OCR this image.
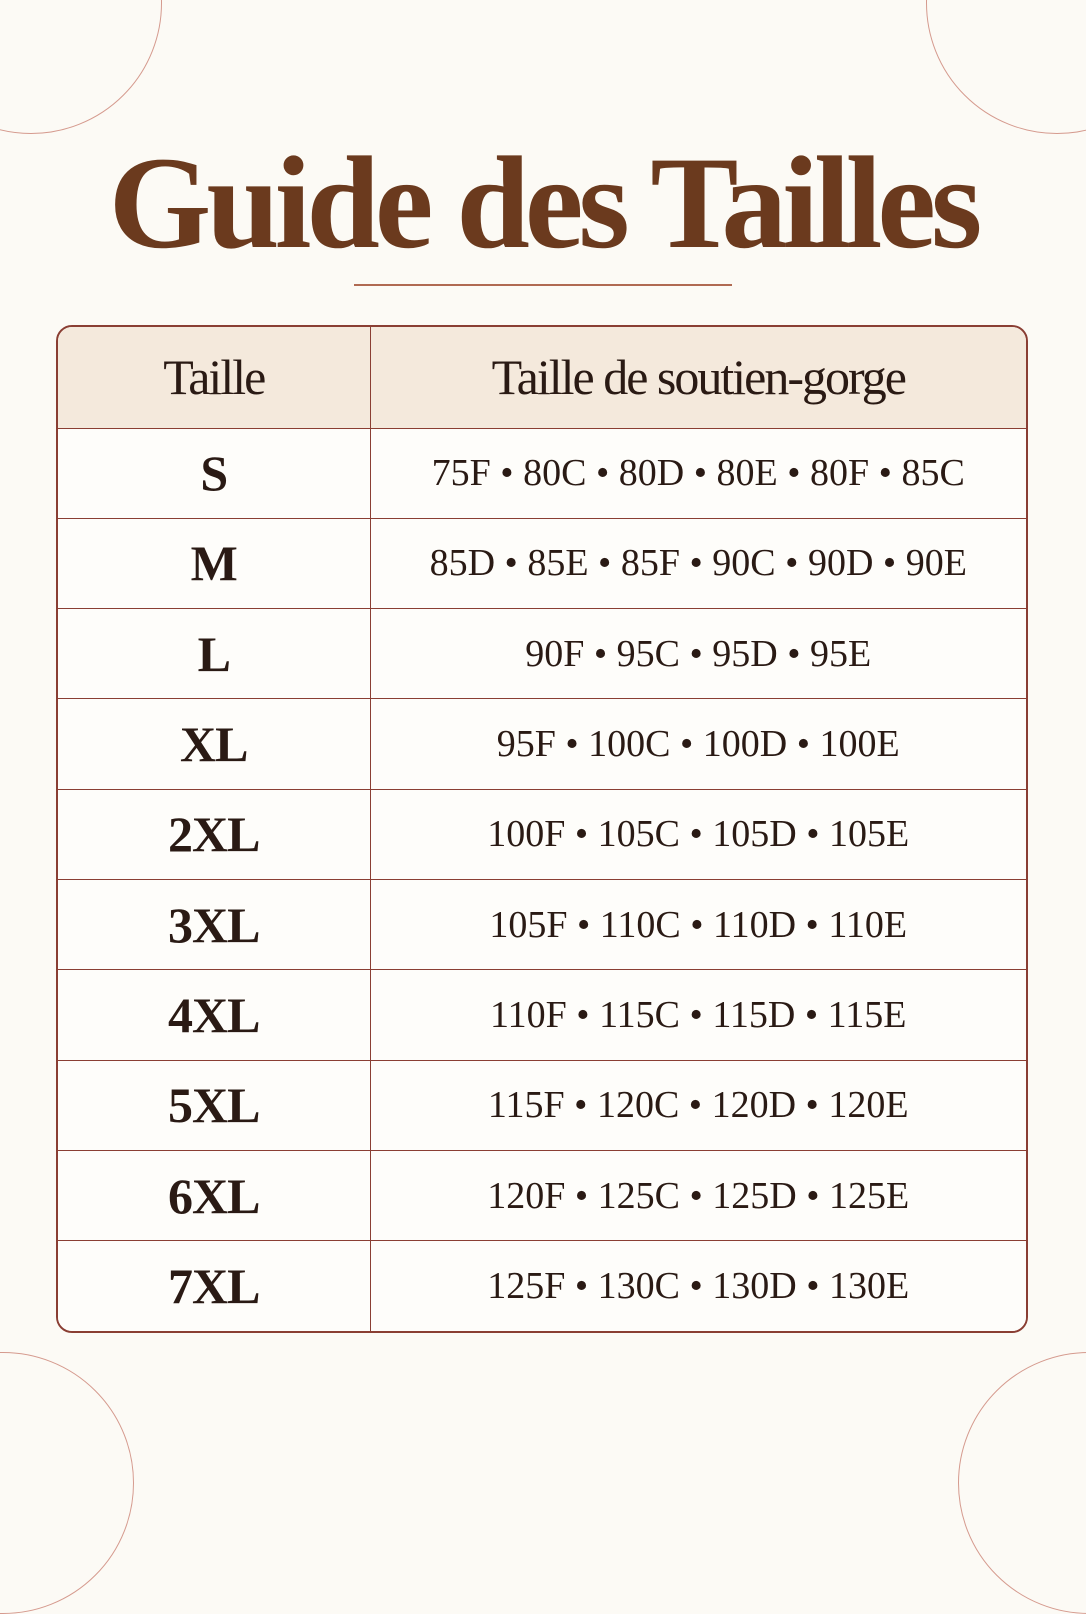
Guide des Tailles
Taille	Taille de soutien-gorge
S	75F • 80C • 80D • 80E • 80F • 85C
M	85D • 85E • 85F • 90C • 90D • 90E
L	90F • 95C • 95D • 95E
XL	95F • 100C • 100D • 100E
2XL	100F • 105C • 105D • 105E
3XL	105F • 110C • 110D • 110E
4XL	110F • 115C • 115D • 115E
5XL	115F • 120C • 120D • 120E
6XL	120F • 125C • 125D • 125E
7XL	125F • 130C • 130D • 130E
